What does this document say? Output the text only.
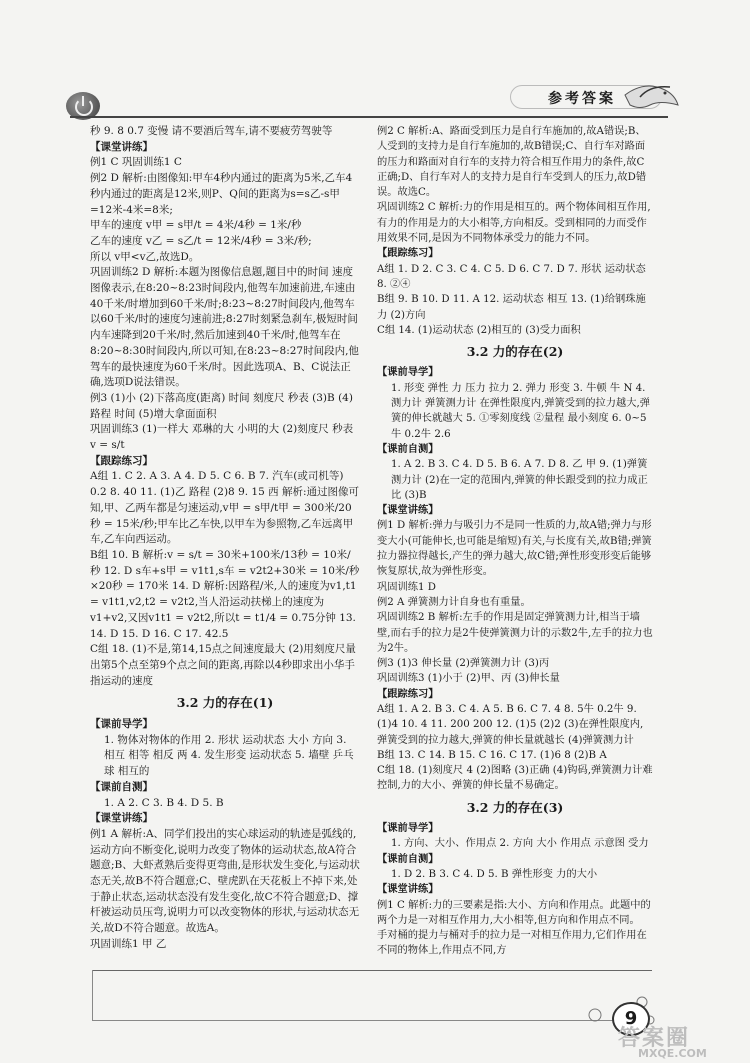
参考答案
秒 9. 8 0.7 变慢 请不要酒后驾车,请不要疲劳驾驶等
【课堂讲练】
例1 C 巩固训练1 C
例2 D 解析:由图像知:甲车4秒内通过的距离为5米,乙车4秒内通过的距离是12米,则P、Q间的距离为s=s乙-s甲=12米-4米=8米;
甲车的速度 v甲 = s甲/t = 4米/4秒 = 1米/秒
乙车的速度 v乙 = s乙/t = 12米/4秒 = 3米/秒;
所以 v甲<v乙,故选D。
巩固训练2 D 解析:本题为图像信息题,题目中的时间 速度图像表示,在8:20~8:23时间段内,他驾车加速前进,车速由40千米/时增加到60千米/时;8:23~8:27时间段内,他驾车以60千米/时的速度匀速前进;8:27时刻紧急刹车,极短时间内车速降到20千米/时,然后加速到40千米/时,他驾车在8:20~8:30时间段内,所以可知,在8:23~8:27时间段内,他驾车的最快速度为60千米/时。因此选项A、B、C说法正确,选项D说法错误。
例3 (1)小 (2)下落高度(距离) 时间 刻度尺 秒表 (3)B (4)路程 时间 (5)增大拿面面积
巩固训练3 (1)一样大 邓琳的大 小明的大 (2)刻度尺 秒表 v = s/t
【跟踪练习】
A组 1. C 2. A 3. A 4. D 5. C 6. B 7. 汽车(或司机等) 0.2 8. 40 11. (1)乙 路程 (2)8 9. 15 西 解析:通过图像可知,甲、乙两车都是匀速运动,v甲 = s甲/t甲 = 300米/20秒 = 15米/秒;甲车比乙车快,以甲车为参照物,乙车远离甲车,乙车向西运动。
B组 10. B 解析:v = s/t = 30米+100米/13秒 = 10米/秒 12. D s车+s甲 = v1t1,s车 = v2t2+30米 = 10米/秒×20秒 = 170米 14. D 解析:因路程/米,人的速度为v1,t1 = v1t1,v2,t2 = v2t2,当人沿运动扶梯上的速度为v1+v2,又因v1t1 = v2t2,所以t = t1/4 = 0.75分钟 13.
14. D 15. D 16. C 17. 42.5
C组 18. (1)不是,第14,15点之间速度最大 (2)用刻度尺量出第5个点至第9个点之间的距离,再除以4秒即求出小华手指运动的速度
3.2 力的存在(1)
【课前导学】
1. 物体对物体的作用 2. 形状 运动状态 大小 方向 3. 相互 相等 相反 两 4. 发生形变 运动状态 5. 墙壁 乒乓球 相互的
【课前自测】
1. A 2. C 3. B 4. D 5. B
【课堂讲练】
例1 A 解析:A、同学们投出的实心球运动的轨迹是弧线的,运动方向不断变化,说明力改变了物体的运动状态,故A符合题意;B、大虾煮熟后变得更弯曲,是形状发生变化,与运动状态无关,故B不符合题意;C、壁虎趴在天花板上不掉下来,处于静止状态,运动状态没有发生变化,故C不符合题意;D、撑杆被运动员压弯,说明力可以改变物体的形状,与运动状态无关,故D不符合题意。故选A。
巩固训练1 甲 乙
例2 C 解析:A、路面受到压力是自行车施加的,故A错误;B、人受到的支持力是自行车施加的,故B错误;C、自行车对路面的压力和路面对自行车的支持力符合相互作用力的条件,故C正确;D、自行车对人的支持力是自行车受到人的压力,故D错误。故选C。
巩固训练2 C 解析:力的作用是相互的。两个物体间相互作用,有力的作用是力的大小相等,方向相反。受到相同的力而受作用效果不同,是因为不同物体承受力的能力不同。
【跟踪练习】
A组 1. D 2. C 3. C 4. C 5. D 6. C 7. D 7. 形状 运动状态 8. ②④
B组 9. B 10. D 11. A 12. 运动状态 相互 13. (1)给钢珠施力 (2)方向
C组 14. (1)运动状态 (2)相互的 (3)受力面积
3.2 力的存在(2)
【课前导学】
1. 形变 弹性 力 压力 拉力 2. 弹力 形变 3. 牛顿 牛 N 4. 测力计 弹簧测力计 在弹性限度内,弹簧受到的拉力越大,弹簧的伸长就越大 5. ①零刻度线 ②量程 最小刻度 6. 0~5牛 0.2牛 2.6
【课前自测】
1. A 2. B 3. C 4. D 5. B 6. A 7. D 8. 乙 甲 9. (1)弹簧测力计 (2)在一定的范围内,弹簧的伸长跟受到的拉力成正比 (3)B
【课堂讲练】
例1 D 解析:弹力与吸引力不是同一性质的力,故A错;弹力与形变大小(可能伸长,也可能是缩短)有关,与长度有关,故B错;弹簧拉力器拉得越长,产生的弹力越大,故C错;弹性形变形变后能够恢复原状,故为弹性形变。
巩固训练1 D
例2 A 弹簧测力计自身也有重量。
巩固训练2 B 解析:左手的作用是固定弹簧测力计,相当于墙壁,而右手的拉力是2牛使弹簧测力计的示数2牛,左手的拉力也为2牛。
例3 (1)3 伸长量 (2)弹簧测力计 (3)丙
巩固训练3 (1)小于 (2)甲、丙 (3)伸长量
【跟踪练习】
A组 1. A 2. B 3. C 4. A 5. B 6. C 7. 4 8. 5牛 0.2牛 9. (1)4 10. 4 11. 200 200 12. (1)5 (2)2 (3)在弹性限度内,弹簧受到的拉力越大,弹簧的伸长量就越长 (4)弹簧测力计
B组 13. C 14. B 15. C 16. C 17. (1)6 8 (2)B A
C组 18. (1)刻度尺 4 (2)图略 (3)正确 (4)钩码,弹簧测力计难控制,力的大小、弹簧的伸长量不易确定。
3.2 力的存在(3)
【课前导学】
1. 方向、大小、作用点 2. 方向 大小 作用点 示意图 受力
【课前自测】
1. D 2. B 3. C 4. D 5. B 弹性形变 力的大小
【课堂讲练】
例1 C 解析:力的三要素是指:大小、方向和作用点。此题中的两个力是一对相互作用力,大小相等,但方向和作用点不同。 手对桶的提力与桶对手的拉力是一对相互作用力,它们作用在不同的物体上,作用点不同,方
9
答案圈
MXQE.COM
